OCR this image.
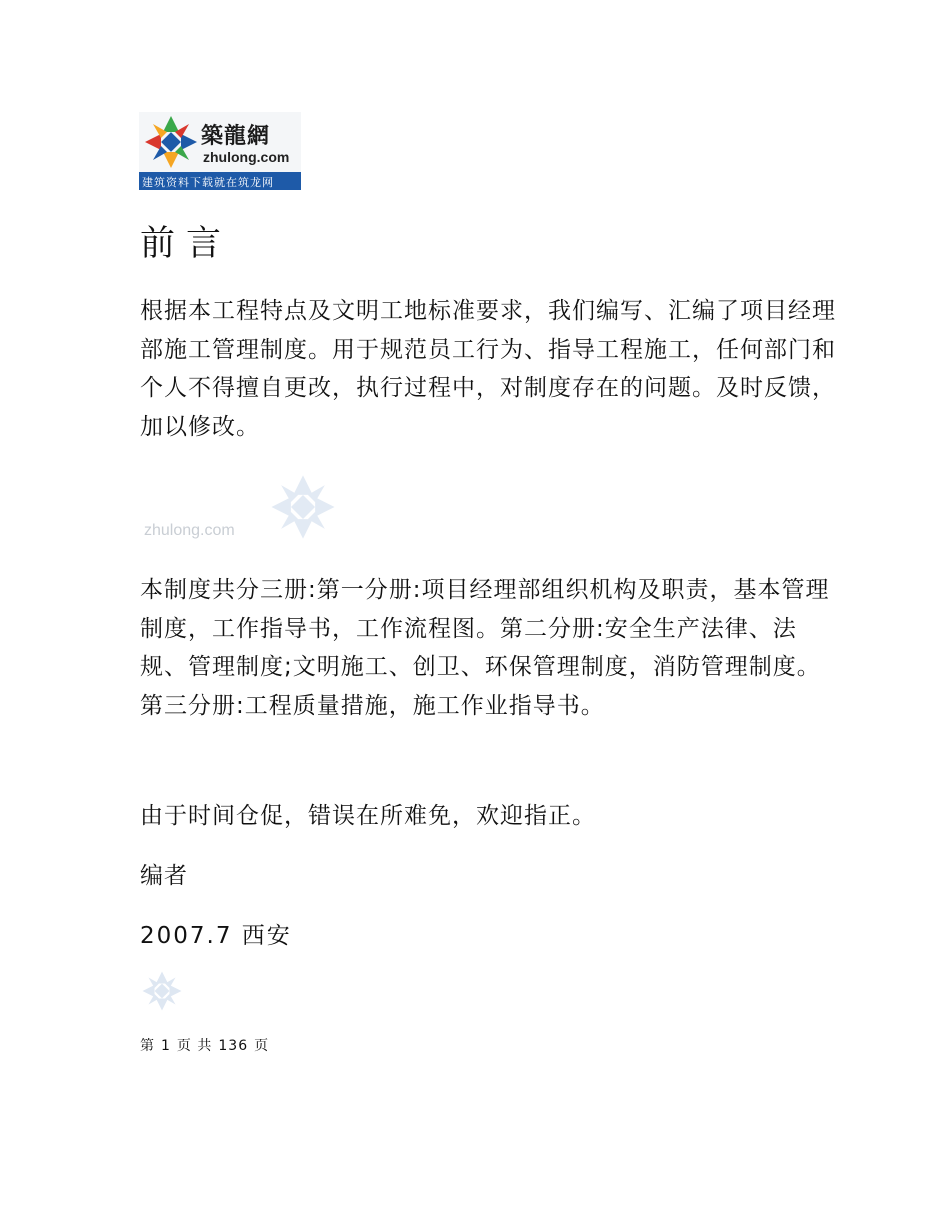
築龍網
zhulong.com
建筑资料下载就在筑龙网
前言

根据本工程特点及文明工地标准要求，我们编写、汇编了项目经理部施工管理制度。用于规范员工行为、指导工程施工，任何部门和个人不得擅自更改，执行过程中，对制度存在的问题。及时反馈，加以修改。

zhulong.com

本制度共分三册:第一分册:项目经理部组织机构及职责，基本管理制度，工作指导书，工作流程图。第二分册:安全生产法律、法规、管理制度;文明施工、创卫、环保管理制度，消防管理制度。第三分册:工程质量措施，施工作业指导书。

由于时间仓促，错误在所难免，欢迎指正。

编者

2007.7 西安

第 1 页 共 136 页
